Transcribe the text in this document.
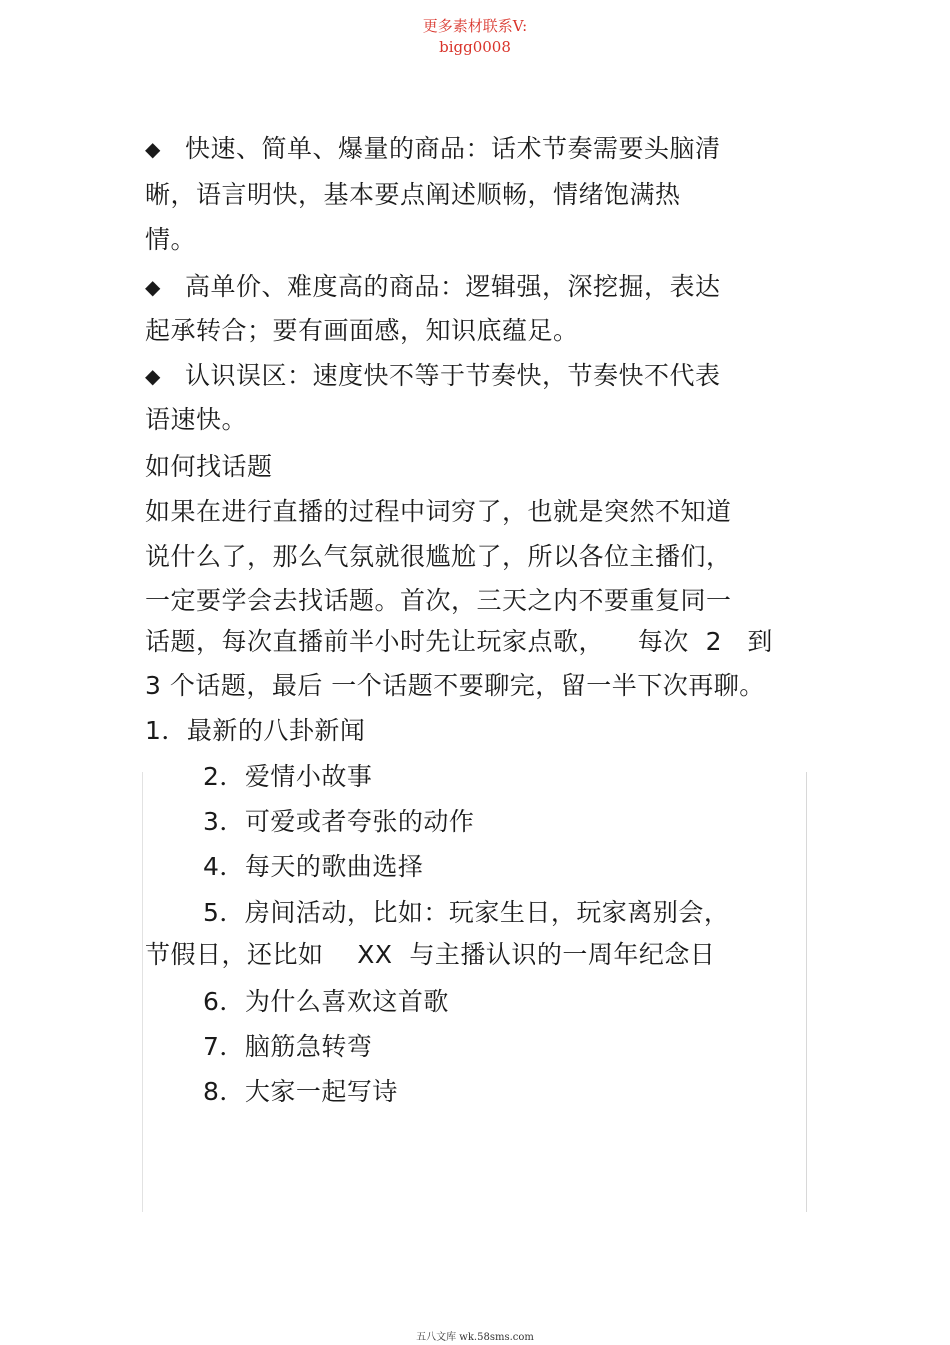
更多素材联系V:
bigg0008
◆ 快速、简单、爆量的商品：话术节奏需要头脑清
晰，语言明快，基本要点阐述顺畅，情绪饱满热
情。
◆ 高单价、难度高的商品：逻辑强，深挖掘，表达
起承转合；要有画面感，知识底蕴足。
◆ 认识误区：速度快不等于节奏快，节奏快不代表
语速快。
如何找话题
如果在进行直播的过程中词穷了，也就是突然不知道
说什么了，那么气氛就很尴尬了，所以各位主播们，
一定要学会去找话题。首次，三天之内不要重复同一
话题，每次直播前半小时先让玩家点歌，    每次  2   到
3 个话题，最后 一个话题不要聊完，留一半下次再聊。
1．最新的八卦新闻
2．爱情小故事
3．可爱或者夸张的动作
4．每天的歌曲选择
5．房间活动，比如：玩家生日，玩家离别会，
节假日，还比如    XX  与主播认识的一周年纪念日
6．为什么喜欢这首歌
7．脑筋急转弯
8．大家一起写诗
五八文库 wk.58sms.com
